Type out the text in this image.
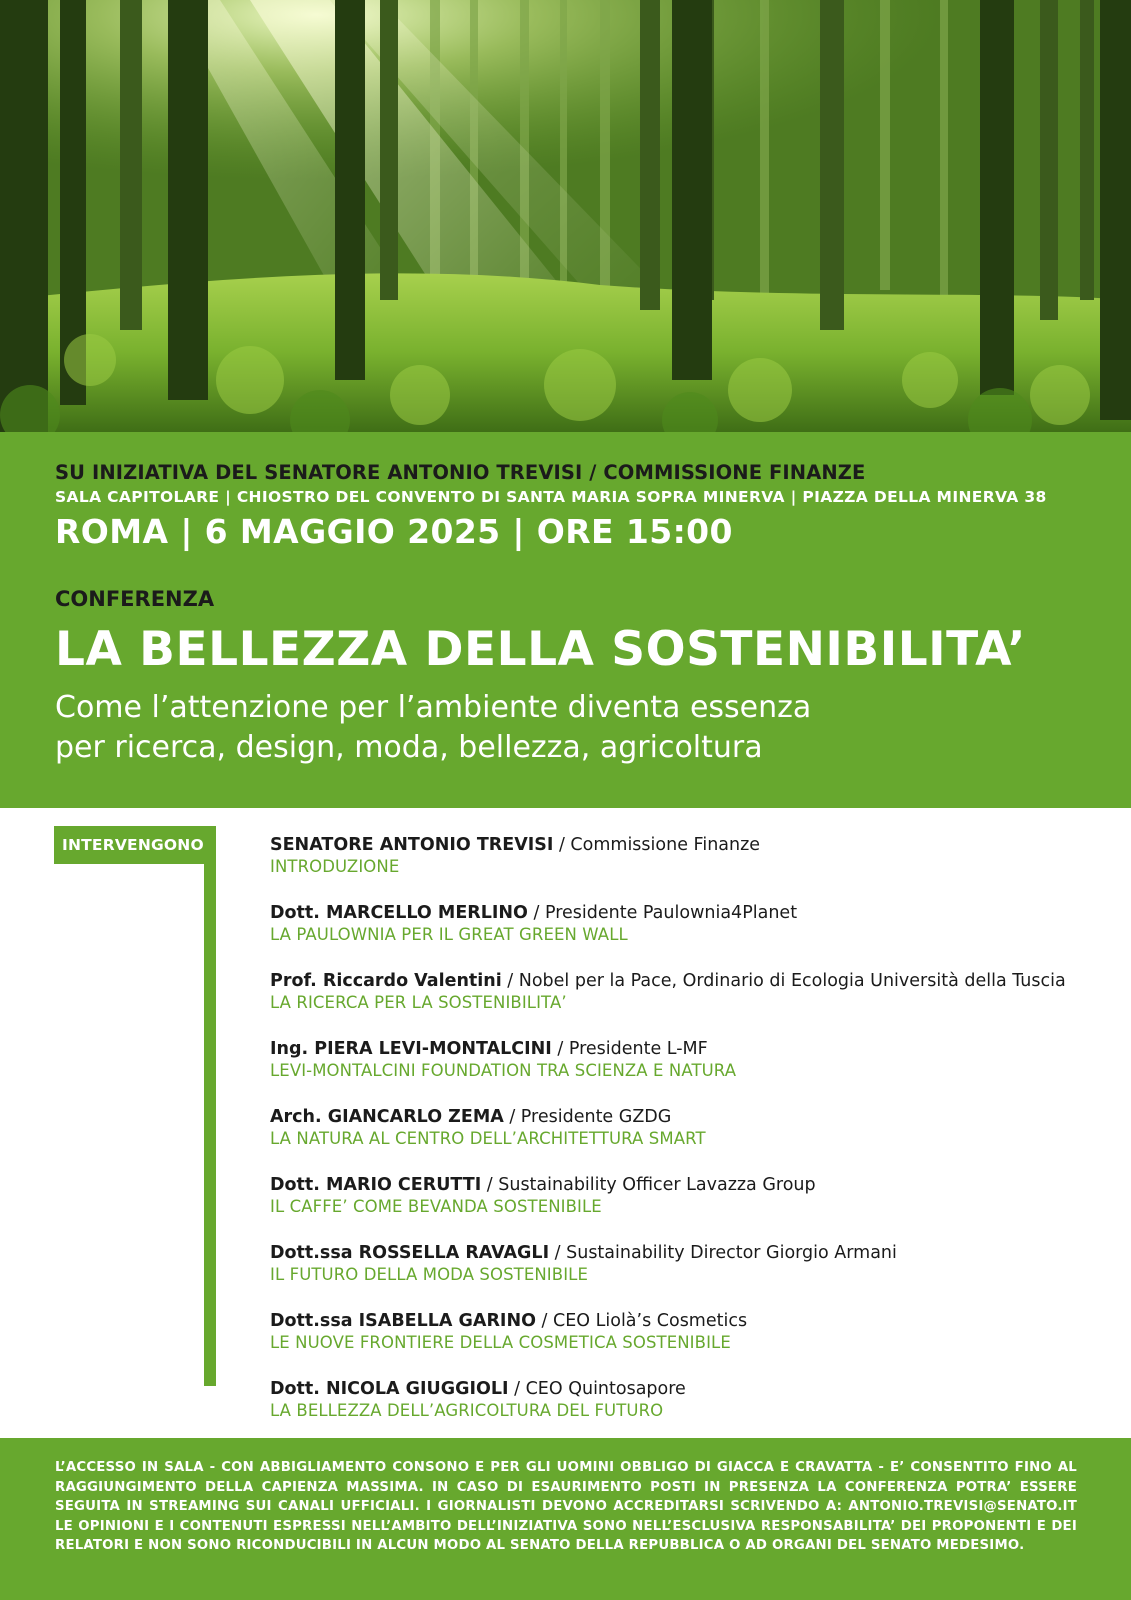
SU INIZIATIVA DEL SENATORE ANTONIO TREVISI / COMMISSIONE FINANZE
SALA CAPITOLARE | CHIOSTRO DEL CONVENTO DI SANTA MARIA SOPRA MINERVA | PIAZZA DELLA MINERVA 38
ROMA | 6 MAGGIO 2025 | ORE 15:00
CONFERENZA
LA BELLEZZA DELLA SOSTENIBILITA’
Come l’attenzione per l’ambiente diventa essenza
per ricerca, design, moda, bellezza, agricoltura
INTERVENGONO	SENATORE ANTONIO TREVISI / Commissione Finanze
INTRODUZIONE
Dott. MARCELLO MERLINO / Presidente Paulownia4Planet
LA PAULOWNIA PER IL GREAT GREEN WALL
Prof. Riccardo Valentini / Nobel per la Pace, Ordinario di Ecologia Università della Tuscia
LA RICERCA PER LA SOSTENIBILITA’
Ing. PIERA LEVI-MONTALCINI / Presidente L-MF
LEVI-MONTALCINI FOUNDATION TRA SCIENZA E NATURA
Arch. GIANCARLO ZEMA / Presidente GZDG
LA NATURA AL CENTRO DELL’ARCHITETTURA SMART
Dott. MARIO CERUTTI / Sustainability Officer Lavazza Group
IL CAFFE’ COME BEVANDA SOSTENIBILE
Dott.ssa ROSSELLA RAVAGLI / Sustainability Director Giorgio Armani
IL FUTURO DELLA MODA SOSTENIBILE
Dott.ssa ISABELLA GARINO / CEO Liolà’s Cosmetics
LE NUOVE FRONTIERE DELLA COSMETICA SOSTENIBILE
Dott. NICOLA GIUGGIOLI / CEO Quintosapore
LA BELLEZZA DELL’AGRICOLTURA DEL FUTURO

L’ACCESSO IN SALA - CON ABBIGLIAMENTO CONSONO E PER GLI UOMINI OBBLIGO DI GIACCA E CRAVATTA - E’ CONSENTITO FINO AL RAGGIUNGIMENTO DELLA CAPIENZA MASSIMA. IN CASO DI ESAURIMENTO POSTI IN PRESENZA LA CONFERENZA POTRA’ ESSERE SEGUITA IN STREAMING SUI CANALI UFFICIALI. I GIORNALISTI DEVONO ACCREDITARSI SCRIVENDO A: ANTONIO.TREVISI@SENATO.IT LE OPINIONI E I CONTENUTI ESPRESSI NELL’AMBITO DELL’INIZIATIVA SONO NELL’ESCLUSIVA RESPONSABILITA’ DEI PROPONENTI E DEI RELATORI E NON SONO RICONDUCIBILI IN ALCUN MODO AL SENATO DELLA REPUBBLICA O AD ORGANI DEL SENATO MEDESIMO.
